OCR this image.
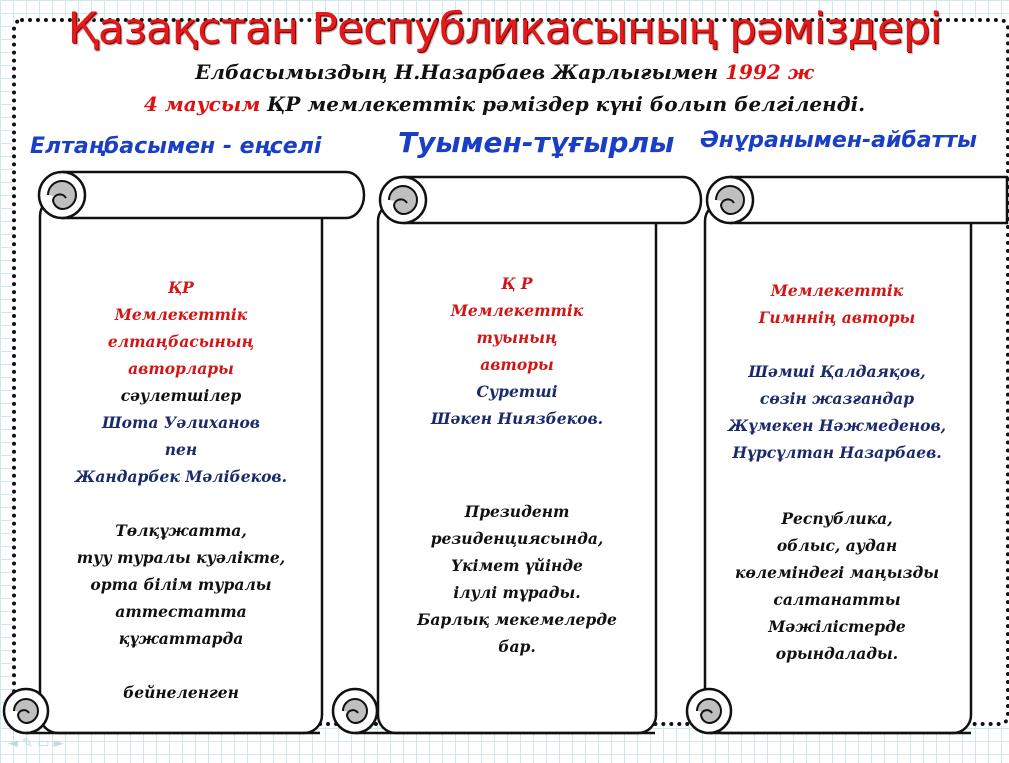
Қазақстан Республикасының рәміздері
Елбасымыздың Н.Назарбаев Жарлығымен 1992 ж
4 маусым ҚР мемлекеттік рәміздер күні болып белгіленді.
Елтаңбасымен - еңселі	Туымен-тұғырлы Әнұранымен-айбатты
ҚР
Мемлекеттік
елтаңбасының
авторлары
сәулетшілер
Шота Уәлиханов
пен
Жандарбек Мәлібеков.
Төлқұжатта,
туу туралы куәлікте,
орта білім туралы
аттестатта
құжаттарда
бейнеленген
Қ Р
Мемлекеттік
туының
авторы
Суретші
Шәкен Ниязбеков.
Президент
резиденциясында,
Үкімет үйінде
ілулі тұрады.
Барлық мекемелерде
бар.
Мемлекеттік
Гимннің авторы
Шәмші Қалдаяқов,
сөзін жазғандар
Жұмекен Нәжмеденов,
Нұрсұлтан Назарбаев.
Республика,
облыс, аудан
көлеміндегі маңызды
салтанатты
Мәжілістерде
орындалады.
◄ ✎ ▭ ►
